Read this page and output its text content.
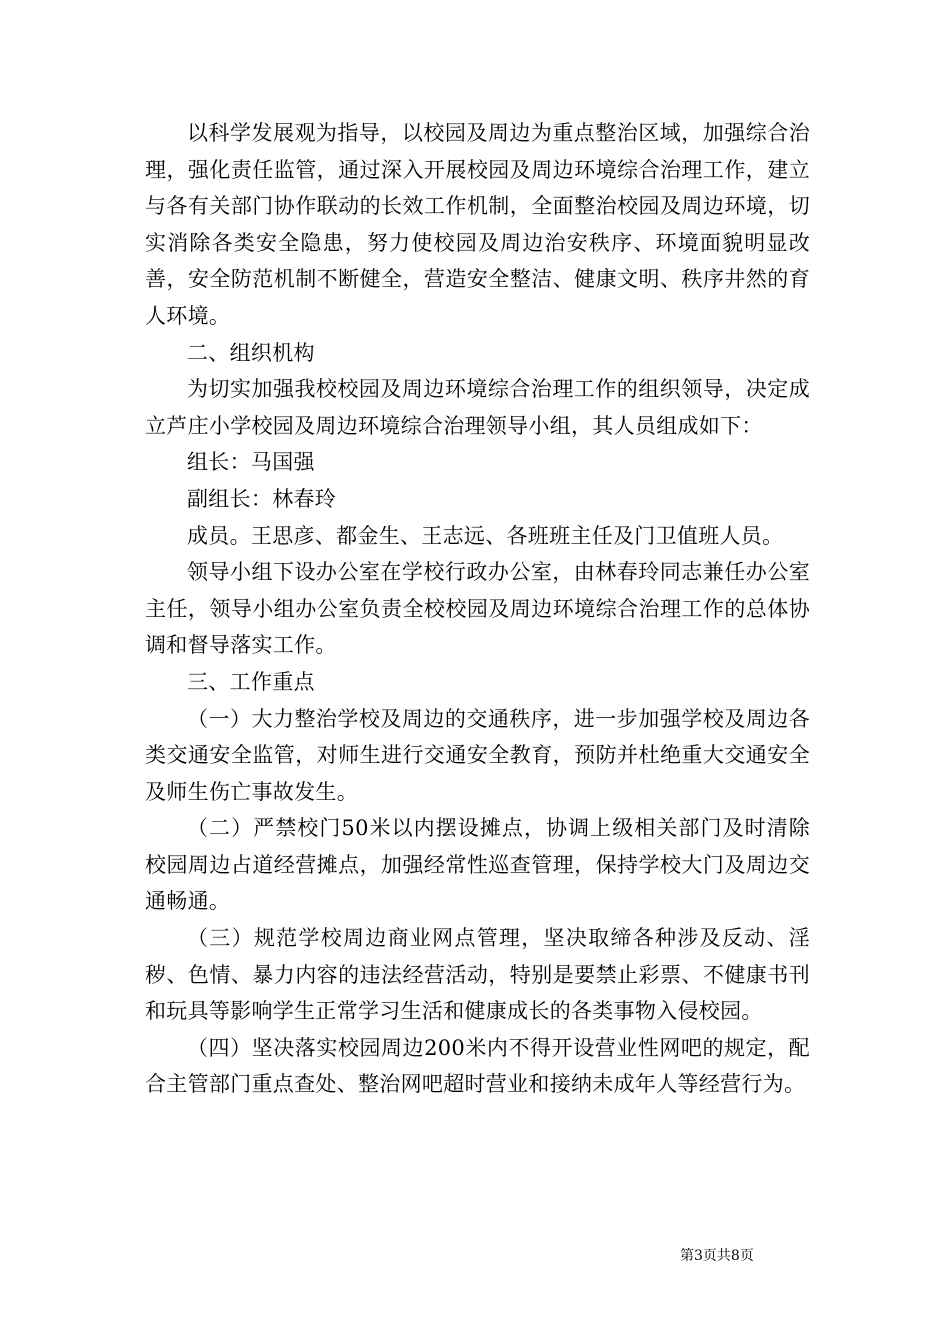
以科学发展观为指导，以校园及周边为重点整治区域，加强综合治理，强化责任监管，通过深入开展校园及周边环境综合治理工作，建立与各有关部门协作联动的长效工作机制，全面整治校园及周边环境，切实消除各类安全隐患，努力使校园及周边治安秩序、环境面貌明显改善，安全防范机制不断健全，营造安全整洁、健康文明、秩序井然的育人环境。

二、组织机构

为切实加强我校校园及周边环境综合治理工作的组织领导，决定成立芦庄小学校园及周边环境综合治理领导小组，其人员组成如下：

组长：马国强

副组长：林春玲

成员。王思彦、都金生、王志远、各班班主任及门卫值班人员。

领导小组下设办公室在学校行政办公室，由林春玲同志兼任办公室主任，领导小组办公室负责全校校园及周边环境综合治理工作的总体协调和督导落实工作。

三、工作重点

（一）大力整治学校及周边的交通秩序，进一步加强学校及周边各类交通安全监管，对师生进行交通安全教育，预防并杜绝重大交通安全及师生伤亡事故发生。

（二）严禁校门50米以内摆设摊点，协调上级相关部门及时清除校园周边占道经营摊点，加强经常性巡查管理，保持学校大门及周边交通畅通。

（三）规范学校周边商业网点管理，坚决取缔各种涉及反动、淫秽、色情、暴力内容的违法经营活动，特别是要禁止彩票、不健康书刊和玩具等影响学生正常学习生活和健康成长的各类事物入侵校园。

（四）坚决落实校园周边200米内不得开设营业性网吧的规定，配合主管部门重点查处、整治网吧超时营业和接纳未成年人等经营行为。

第3页共8页
